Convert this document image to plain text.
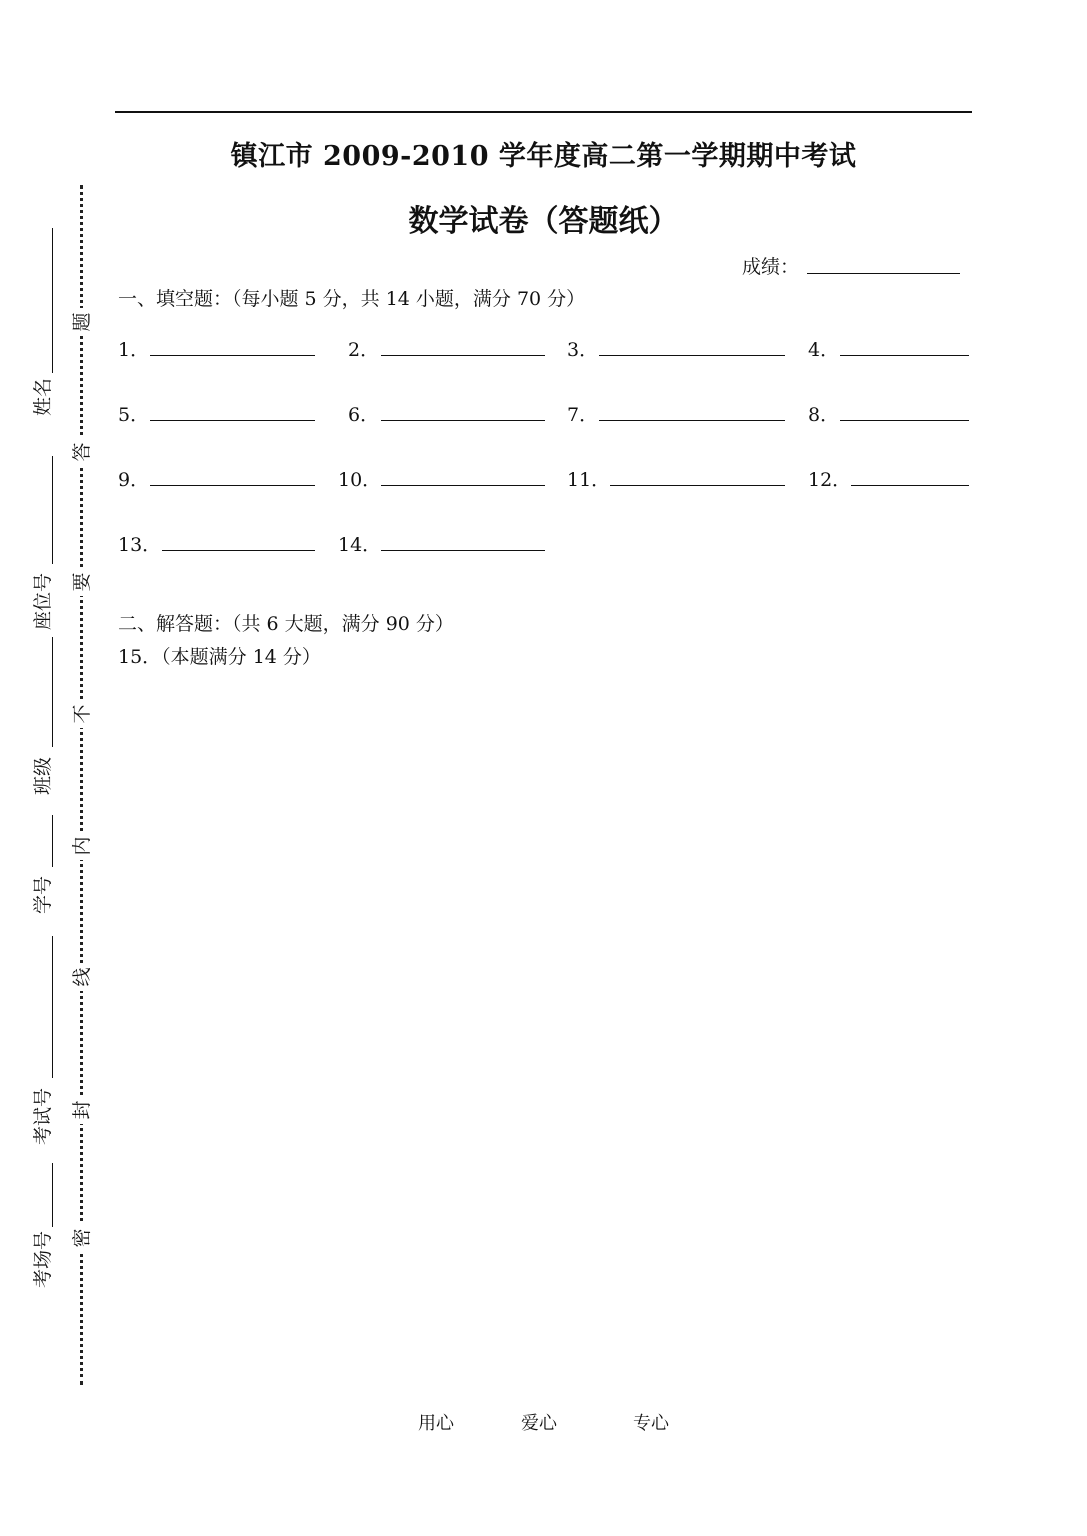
镇江市 2009-2010 学年度高二第一学期期中考试
数学试卷（答题纸）
成绩：
一、填空题：（每小题 5 分，共 14 小题，满分 70 分）
1．	2．	3．	4．
5．	6．	7．	8．
9．	10．	11．	12．
13．	14．
二、解答题：（共 6 大题，满分 90 分）
15．（本题满分 14 分）
题
答
要
不
内
线
封
密
姓名
座位号
班级
学号
考试号
考场号
用心	爱心	专心
